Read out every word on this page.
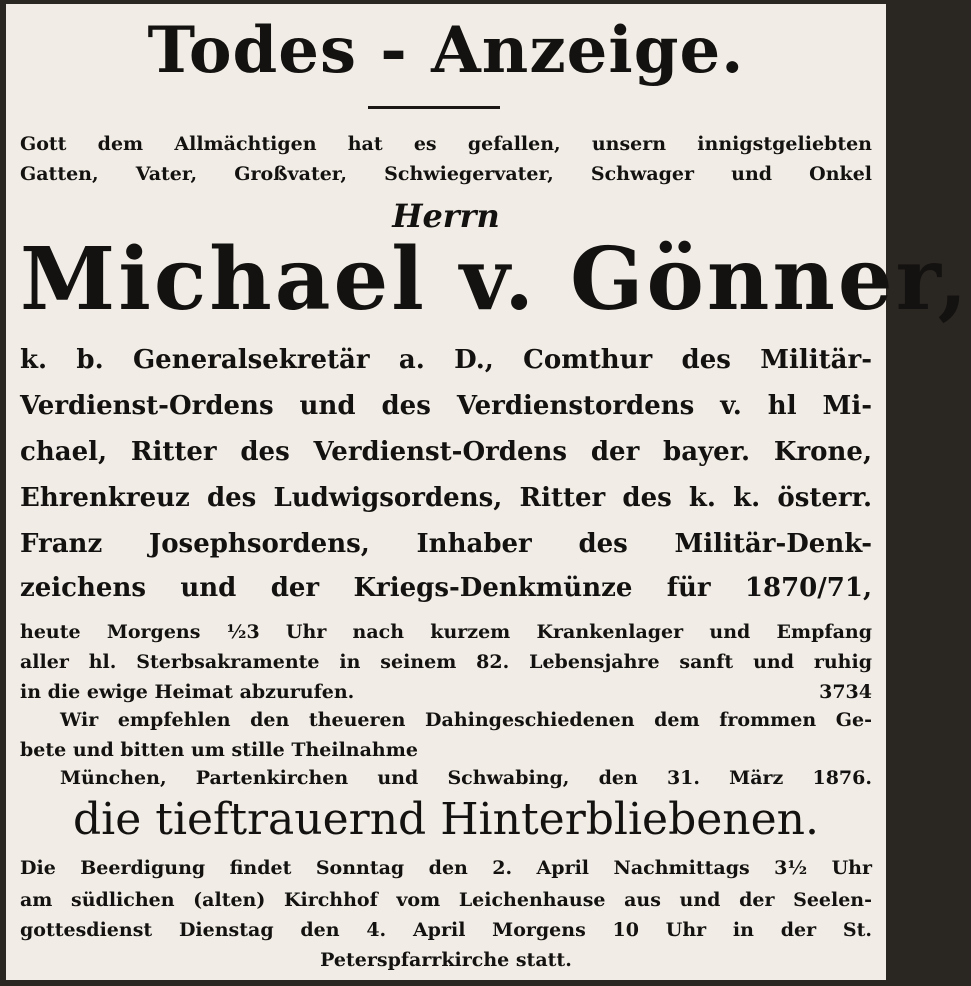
Todes - Anzeige.
Gott dem Allmächtigen hat es gefallen, unsern innigstgeliebten
Gatten, Vater, Großvater, Schwiegervater, Schwager und Onkel
Herrn
Michael v. Gönner,
k. b. Generalsekretär a. D., Comthur des Militär-
Verdienst-Ordens und des Verdienstordens v. hl Mi-
chael, Ritter des Verdienst-Ordens der bayer. Krone,
Ehrenkreuz des Ludwigsordens, Ritter des k. k. österr.
Franz Josephsordens, Inhaber des Militär-Denk-
zeichens und der Kriegs-Denkmünze für 1870/71,
heute Morgens ½3 Uhr nach kurzem Krankenlager und Empfang
aller hl. Sterbsakramente in seinem 82. Lebensjahre sanft und ruhig
in die ewige Heimat abzurufen.	3734
Wir empfehlen den theueren Dahingeschiedenen dem frommen Ge-
bete und bitten um stille Theilnahme
München, Partenkirchen und Schwabing, den 31. März 1876.
die tieftrauernd Hinterbliebenen.
Die Beerdigung findet Sonntag den 2. April Nachmittags 3½ Uhr
am südlichen (alten) Kirchhof vom Leichenhause aus und der Seelen-
gottesdienst Dienstag den 4. April Morgens 10 Uhr in der St.
Peterspfarrkirche statt.
